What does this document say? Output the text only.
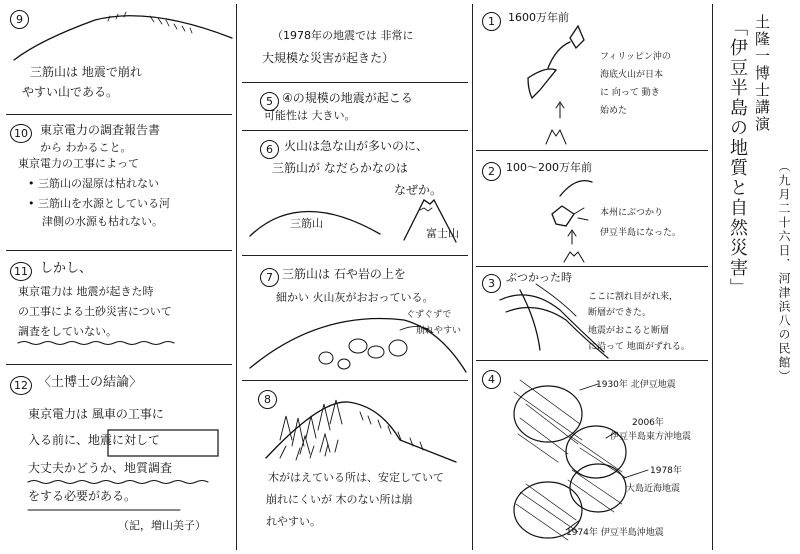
9
三筋山は 地震で崩れ
やすい山である。
10	東京電力の調査報告書
から わかること。
東京電力の工事によって
• 三筋山の湿原は枯れない
• 三筋山を水源としている河
津側の水源も枯れない。
11 しかし、
東京電力は 地震が起きた時
の工事による土砂災害について
調査をしていない。
12 〈土博士の結論〉
東京電力は 風車の工事に
入る前に、地震に対して
大丈夫かどうか、地質調査
をする必要がある。
（記，増山美子）
（1978年の地震では 非常に
大規模な災害が起きた）
5 ④の規模の地震が起こる
可能性は 大きい。
6 火山は急な山が多いのに、
三筋山が なだらかなのは
なぜか。
三筋山
富士山
7 三筋山は 石や岩の上を
細かい 火山灰がおおっている。
ぐずぐずで
崩れやすい
8
木がはえている所は、安定していて
崩れにくいが 木のない所は崩
れやすい。
1	1600万年前
フィリッピン沖の
海底火山が日本
に 向って 動き
始めた
2	100〜200万年前
本州にぶつかり
伊豆半島になった。
3	ぶつかった時
ここに割れ目がれ来，
断層ができた。
地震がおこると断層
に沿って 地面がずれる。
4	1930年 北伊豆地震
2006年
伊豆半島東方沖地震
1978年
大島近海地震
1974年 伊豆半島沖地震
土隆一博士講演
「伊豆半島の地質と自然災害」 （九月二十六日．河津浜八の民館）
